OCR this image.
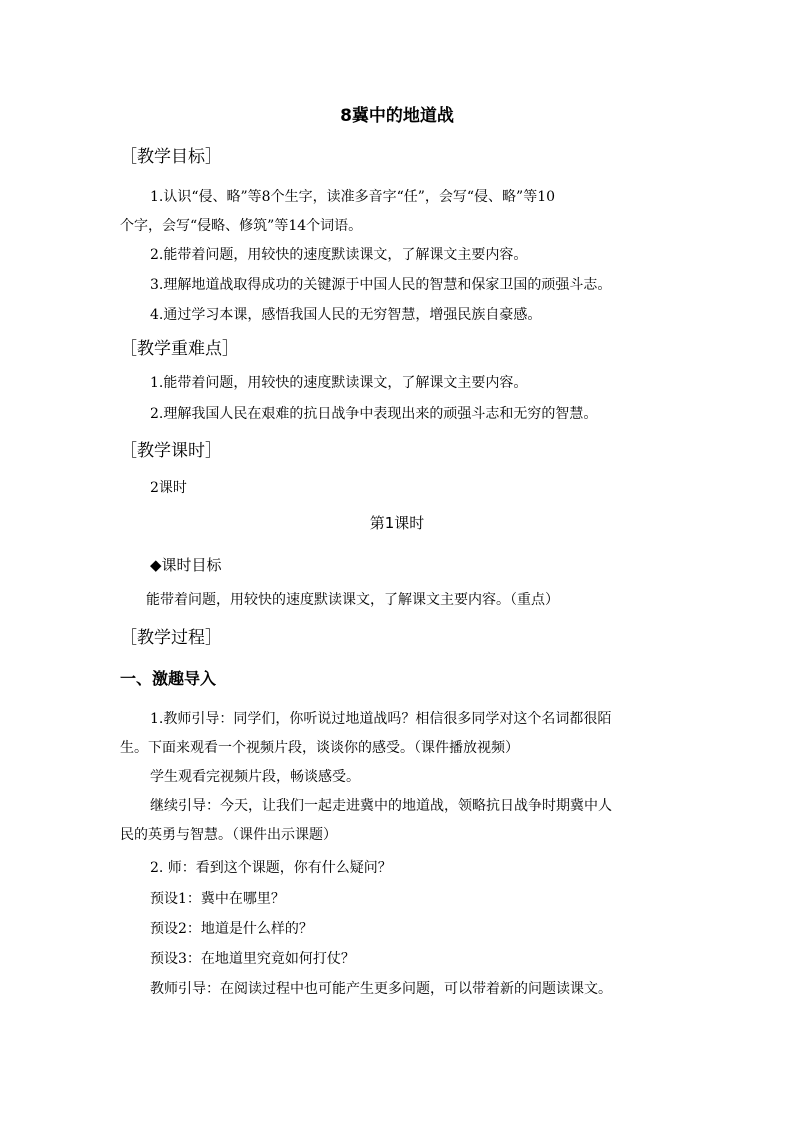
8冀中的地道战
［教学目标］
1.认识“侵、略”等8个生字，读准多音字“任”，会写“侵、略”等10
个字，会写“侵略、修筑”等14个词语。
2.能带着问题，用较快的速度默读课文，了解课文主要内容。
3.理解地道战取得成功的关键源于中国人民的智慧和保家卫国的顽强斗志。
4.通过学习本课，感悟我国人民的无穷智慧，增强民族自豪感。
［教学重难点］
1.能带着问题，用较快的速度默读课文，了解课文主要内容。
2.理解我国人民在艰难的抗日战争中表现出来的顽强斗志和无穷的智慧。
［教学课时］
2课时
第1课时
◆课时目标
能带着问题，用较快的速度默读课文，了解课文主要内容。（重点）
［教学过程］
一、激趣导入
1.教师引导：同学们，你听说过地道战吗？相信很多同学对这个名词都很陌
生。下面来观看一个视频片段，谈谈你的感受。（课件播放视频）
学生观看完视频片段，畅谈感受。
继续引导：今天，让我们一起走进冀中的地道战，领略抗日战争时期冀中人
民的英勇与智慧。（课件出示课题）
2. 师：看到这个课题，你有什么疑问？
预设1：冀中在哪里？
预设2：地道是什么样的？
预设3：在地道里究竟如何打仗？
教师引导：在阅读过程中也可能产生更多问题，可以带着新的问题读课文。
